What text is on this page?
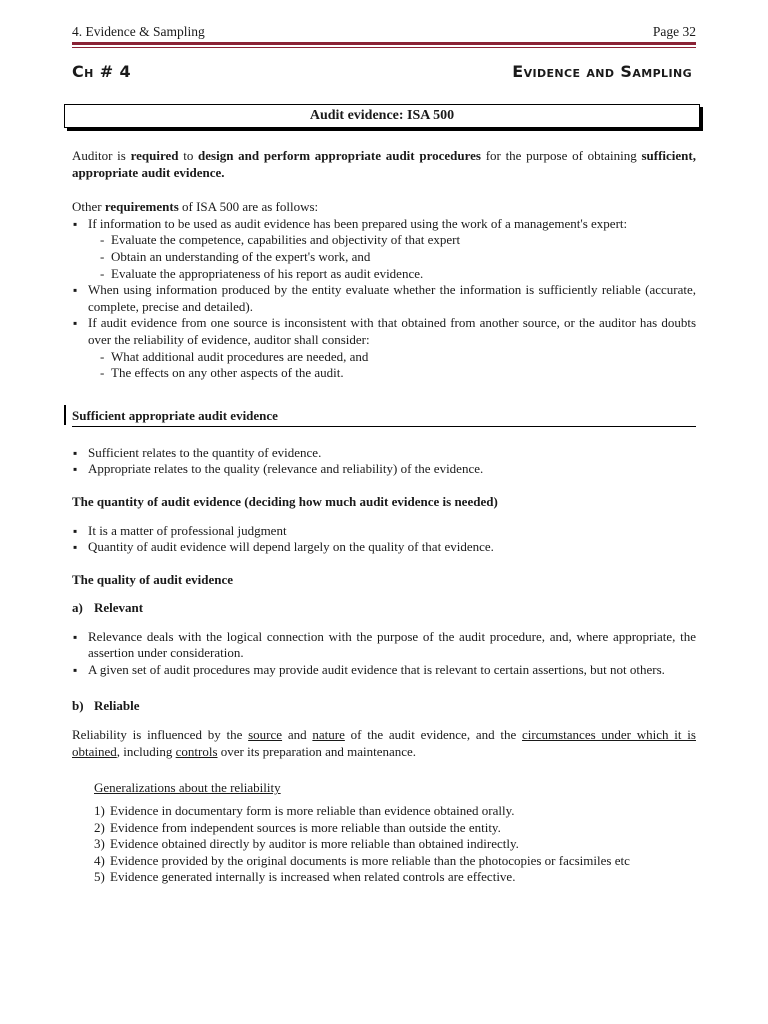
4. Evidence & Sampling	Page 32
Ch # 4	Evidence and Sampling
Audit evidence: ISA 500

Auditor is required to design and perform appropriate audit procedures for the purpose of obtaining sufficient, appropriate audit evidence.

Other requirements of ISA 500 are as follows:

▪ If information to be used as audit evidence has been prepared using the work of a management's expert:
- Evaluate the competence, capabilities and objectivity of that expert
- Obtain an understanding of the expert's work, and
- Evaluate the appropriateness of his report as audit evidence.
▪ When using information produced by the entity evaluate whether the information is sufficiently reliable (accurate, complete, precise and detailed).
▪ If audit evidence from one source is inconsistent with that obtained from another source, or the auditor has doubts over the reliability of evidence, auditor shall consider:
- What additional audit procedures are needed, and
- The effects on any other aspects of the audit.
Sufficient appropriate audit evidence
▪ Sufficient relates to the quantity of evidence.
▪ Appropriate relates to the quality (relevance and reliability) of the evidence.

The quantity of audit evidence (deciding how much audit evidence is needed)

▪ It is a matter of professional judgment
▪ Quantity of audit evidence will depend largely on the quality of that evidence.

The quality of audit evidence

a) Relevant

▪ Relevance deals with the logical connection with the purpose of the audit procedure, and, where appropriate, the assertion under consideration.
▪ A given set of audit procedures may provide audit evidence that is relevant to certain assertions, but not others.

b) Reliable

Reliability is influenced by the source and nature of the audit evidence, and the circumstances under which it is obtained, including controls over its preparation and maintenance.

Generalizations about the reliability

1) Evidence in documentary form is more reliable than evidence obtained orally.
2) Evidence from independent sources is more reliable than outside the entity.
3) Evidence obtained directly by auditor is more reliable than obtained indirectly.
4) Evidence provided by the original documents is more reliable than the photocopies or facsimiles etc
5) Evidence generated internally is increased when related controls are effective.
